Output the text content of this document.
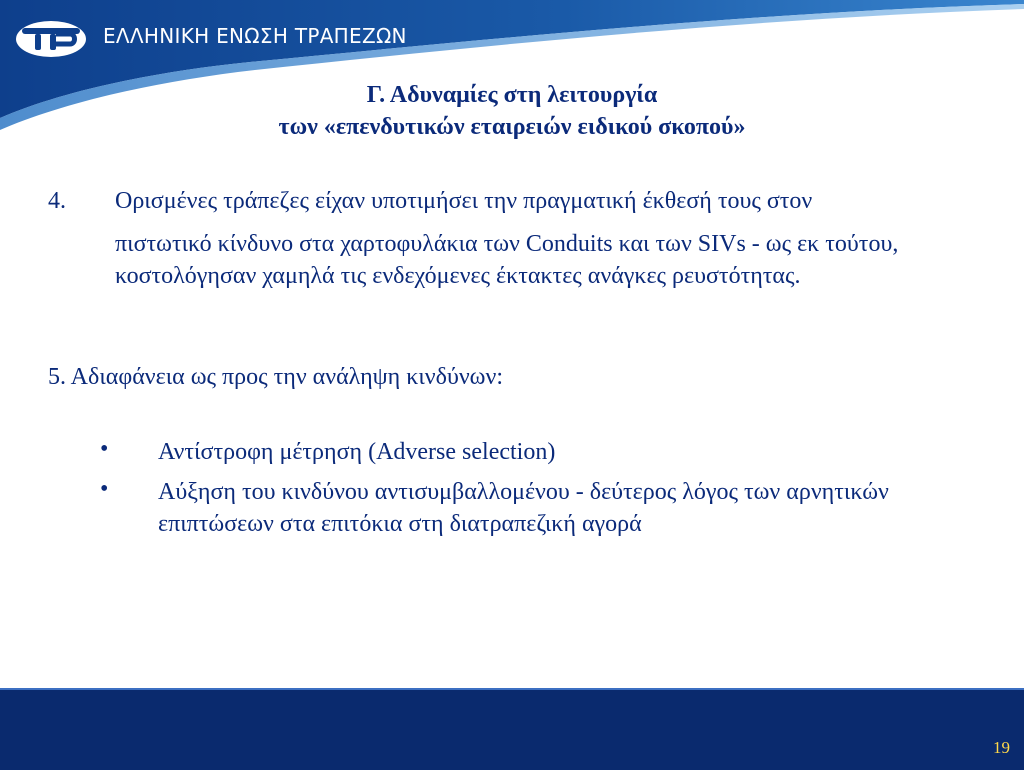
ΕΛΛΗΝΙΚΗ ΕΝΩΣΗ ΤΡΑΠΕΖΩΝ
Γ. Αδυναμίες στη λειτουργία
των «επενδυτικών εταιρειών ειδικού σκοπού»
4. Ορισμένες τράπεζες είχαν υποτιμήσει την πραγματική έκθεσή τους στον
πιστωτικό κίνδυνο στα χαρτοφυλάκια των Conduits και των SIVs - ως εκ τούτου, κοστολόγησαν χαμηλά τις ενδεχόμενες έκτακτες ανάγκες ρευστότητας.
5. Αδιαφάνεια ως προς την ανάληψη κινδύνων:
• Αντίστροφη μέτρηση (Adverse selection)
• Αύξηση του κινδύνου αντισυμβαλλομένου - δεύτερος λόγος των αρνητικών επιπτώσεων στα επιτόκια στη διατραπεζική αγορά
19
